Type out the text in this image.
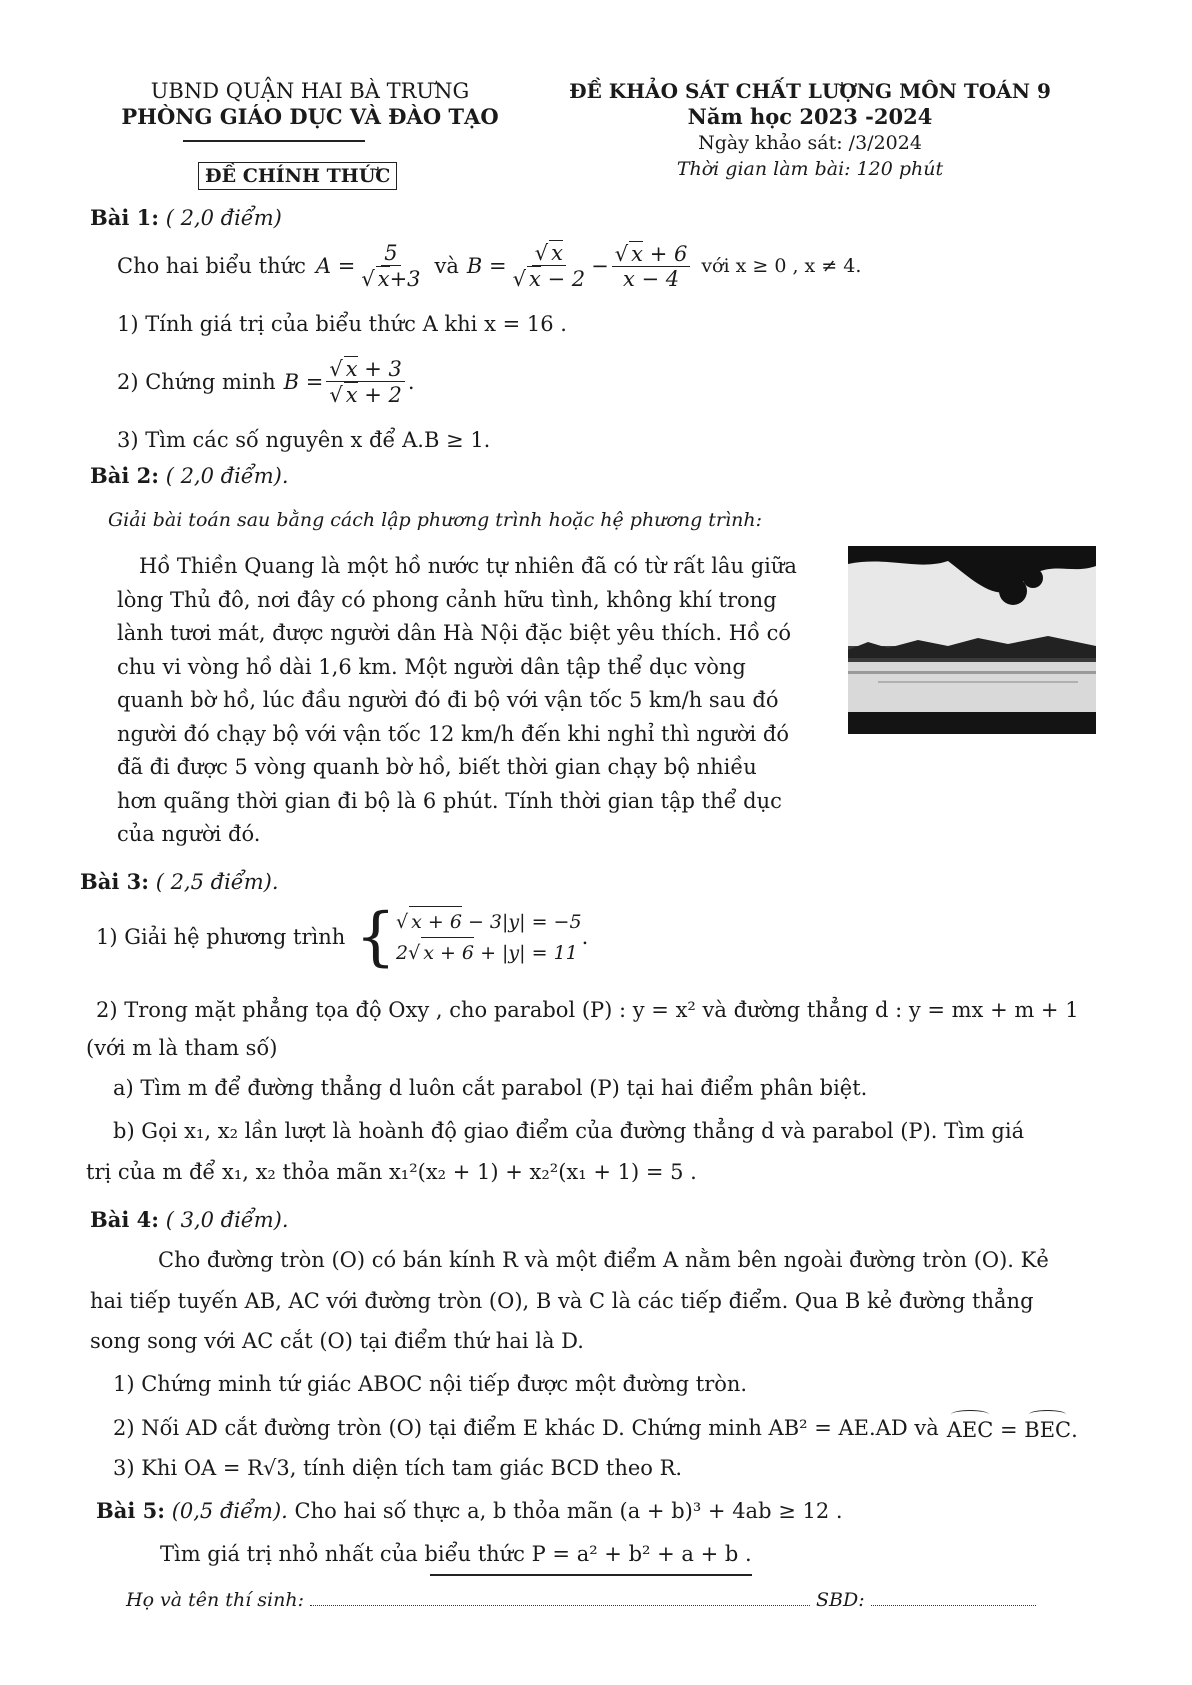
UBND QUẬN HAI BÀ TRƯNG
PHÒNG GIÁO DỤC VÀ ĐÀO TẠO
ĐỀ CHÍNH THỨC
ĐỀ KHẢO SÁT CHẤT LƯỢNG MÔN TOÁN 9
Năm học 2023 -2024
Ngày khảo sát: /3/2024
Thời gian làm bài: 120 phút
Bài 1: ( 2,0 điểm)
Cho hai biểu thức $A = \frac{5}{√ x+3}$ và $B = \frac{√ x}{√ x - 2} - \frac{√ x + 6}{x - 4}$ với x ≥ 0 , x ≠ 4.
1) Tính giá trị của biểu thức A khi x = 16 .
2) Chứng minh $B = \frac{√ x + 3}{√ x + 2}$ .
3) Tìm các số nguyên x để A.B ≥ 1.
Bài 2: ( 2,0 điểm).
Giải bài toán sau bằng cách lập phương trình hoặc hệ phương trình:
Hồ Thiền Quang là một hồ nước tự nhiên đã có từ rất lâu giữa
lòng Thủ đô, nơi đây có phong cảnh hữu tình, không khí trong
lành tươi mát, được người dân Hà Nội đặc biệt yêu thích. Hồ có
chu vi vòng hồ dài 1,6 km. Một người dân tập thể dục vòng
quanh bờ hồ, lúc đầu người đó đi bộ với vận tốc 5 km/h sau đó
người đó chạy bộ với vận tốc 12 km/h đến khi nghỉ thì người đó
đã đi được 5 vòng quanh bờ hồ, biết thời gian chạy bộ nhiều
hơn quãng thời gian đi bộ là 6 phút. Tính thời gian tập thể dục
của người đó.
Bài 3: ( 2,5 điểm).
1) Giải hệ phương trình { √ x + 6 − 3|y| = −5
2√ x + 6 + |y| = 11
.
2) Trong mặt phẳng tọa độ Oxy , cho parabol (P) : y = x² và đường thẳng d : y = mx + m + 1
(với m là tham số)
a) Tìm m để đường thẳng d luôn cắt parabol (P) tại hai điểm phân biệt.
b) Gọi x₁, x₂ lần lượt là hoành độ giao điểm của đường thẳng d và parabol (P). Tìm giá
trị của m để x₁, x₂ thỏa mãn x₁²(x₂ + 1) + x₂²(x₁ + 1) = 5 .
Bài 4: ( 3,0 điểm).
Cho đường tròn (O) có bán kính R và một điểm A nằm bên ngoài đường tròn (O). Kẻ
hai tiếp tuyến AB, AC với đường tròn (O), B và C là các tiếp điểm. Qua B kẻ đường thẳng
song song với AC cắt (O) tại điểm thứ hai là D.
1) Chứng minh tứ giác ABOC nội tiếp được một đường tròn.
2) Nối AD cắt đường tròn (O) tại điểm E khác D. Chứng minh AB² = AE.AD và AEC = BEC.
3) Khi OA = R√3, tính diện tích tam giác BCD theo R.
Bài 5: (0,5 điểm). Cho hai số thực a, b thỏa mãn (a + b)³ + 4ab ≥ 12 .
Tìm giá trị nhỏ nhất của biểu thức P = a² + b² + a + b .
Họ và tên thí sinh:	SBD:
